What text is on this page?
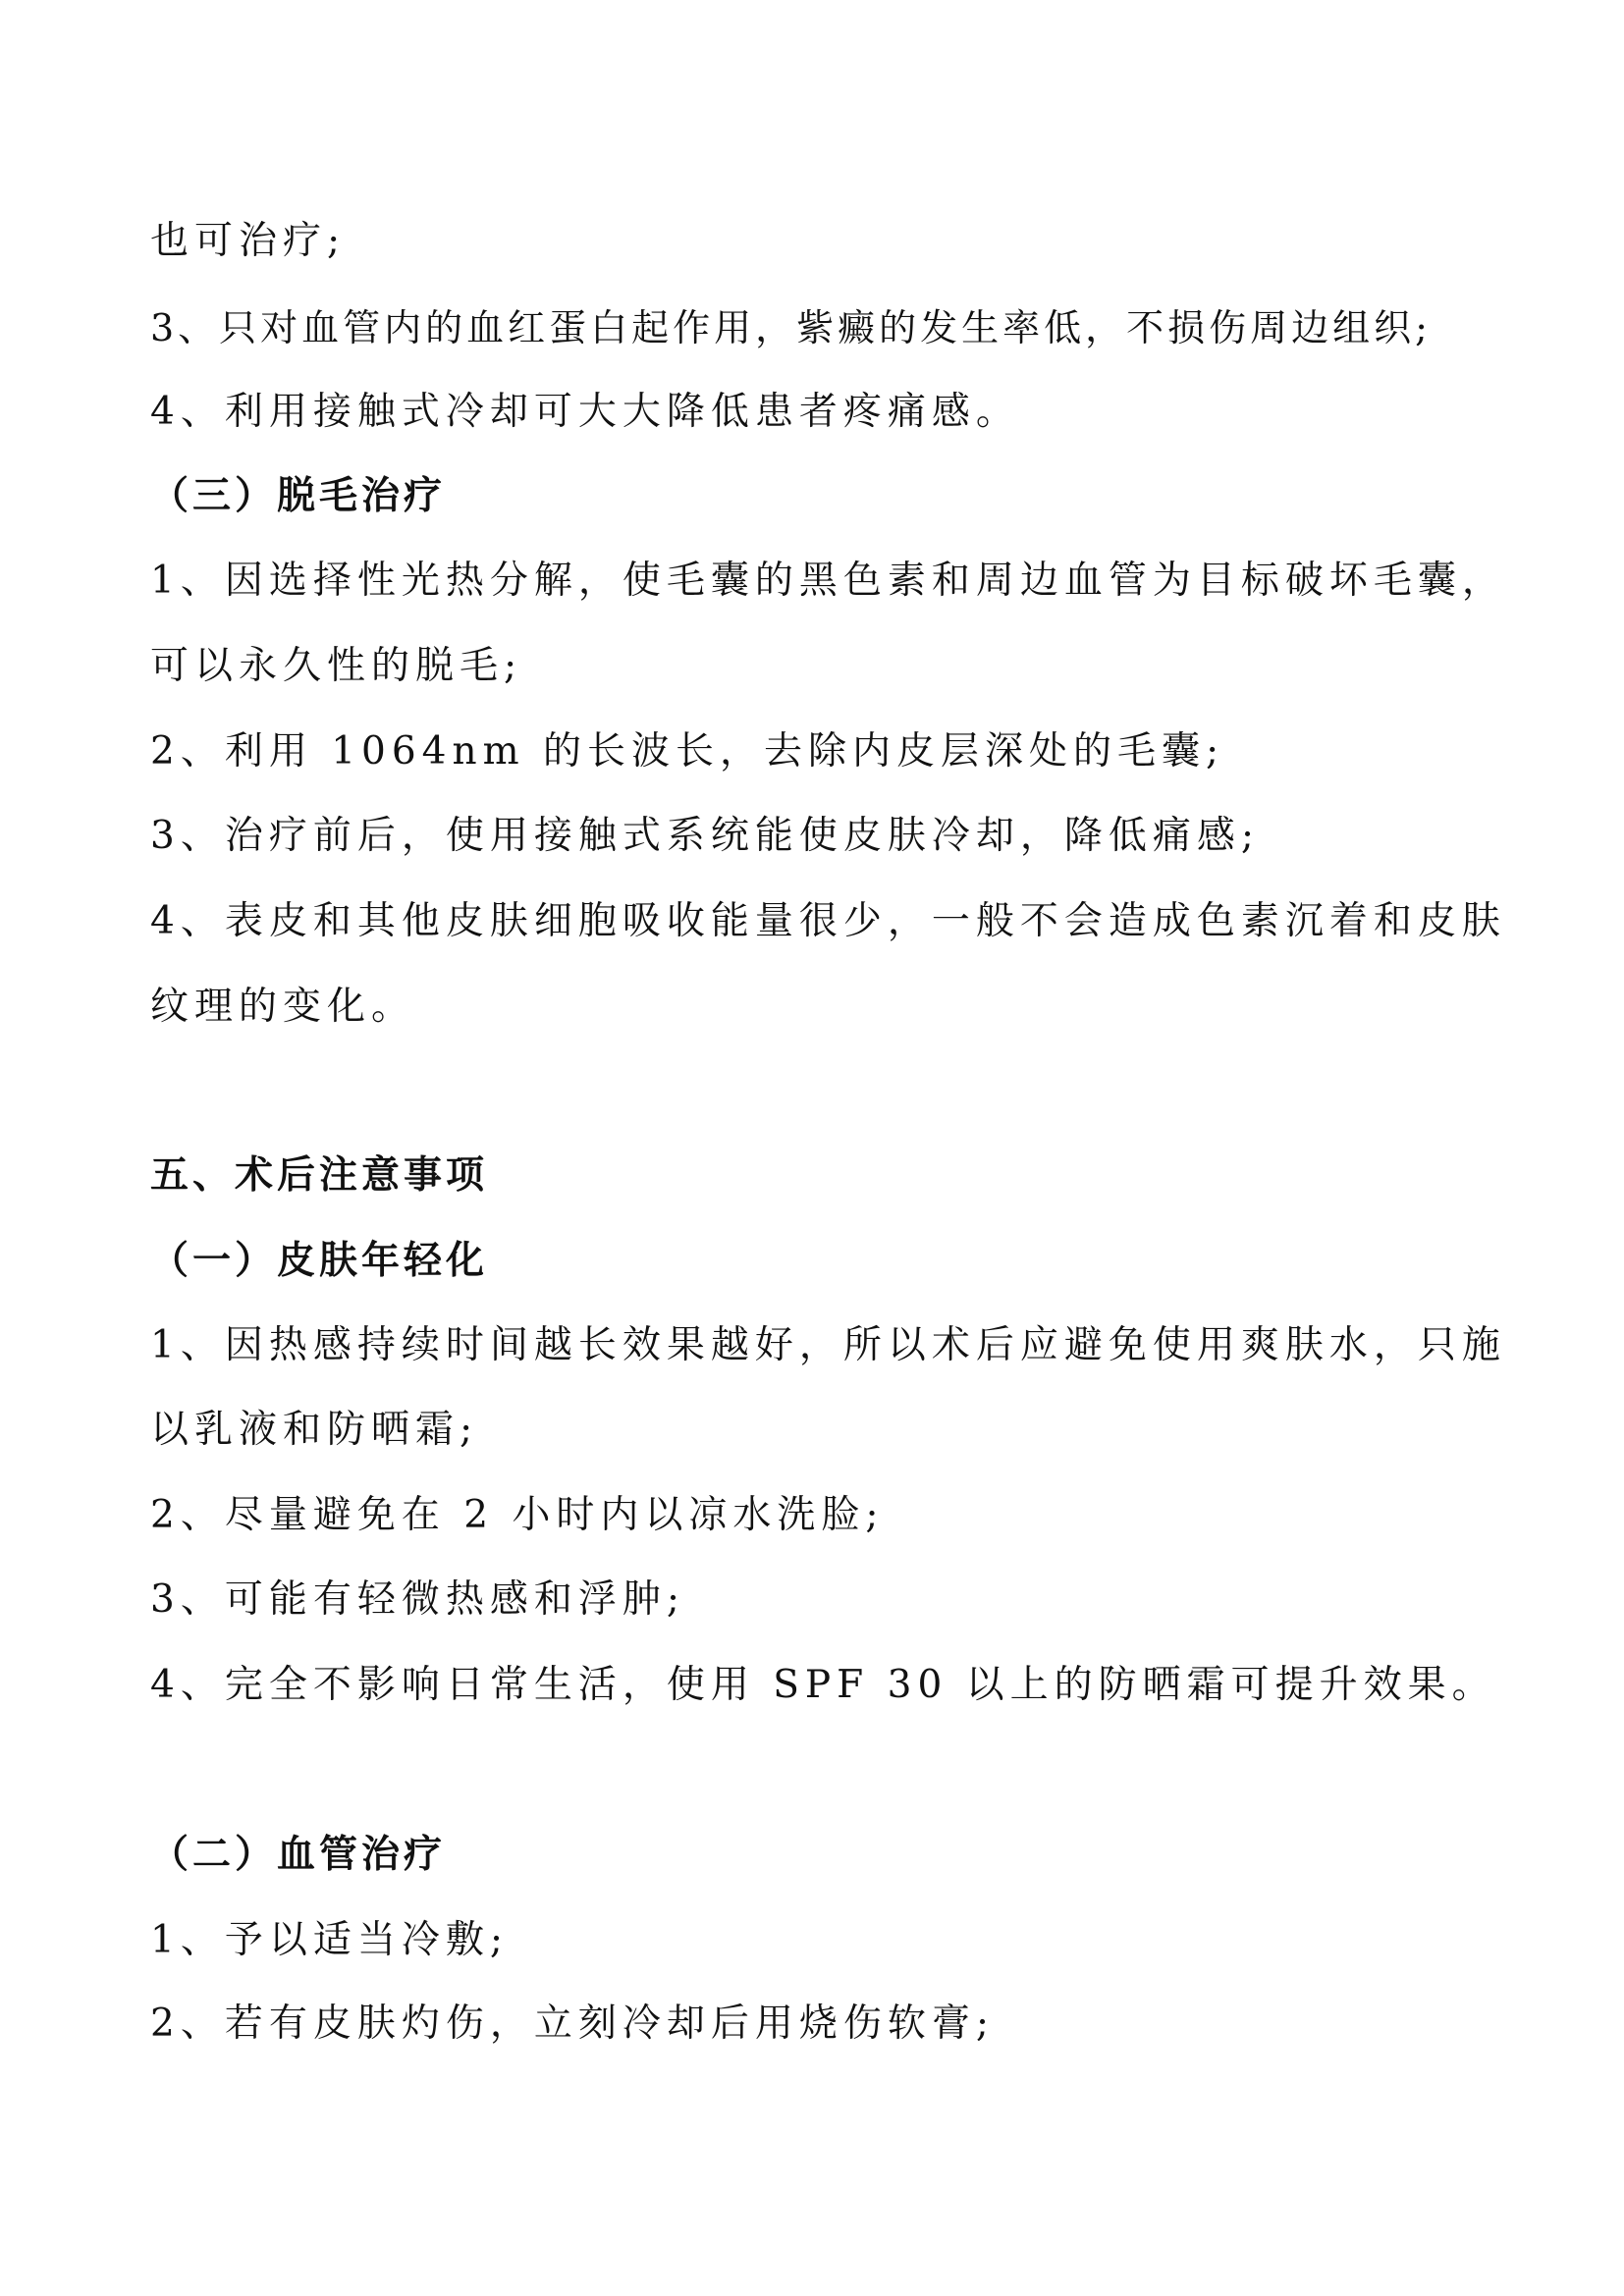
也可治疗;
3、只对血管内的血红蛋白起作用，紫癜的发生率低，不损伤周边组织;
4、利用接触式冷却可大大降低患者疼痛感。
（三）脱毛治疗
1、因选择性光热分解，使毛囊的黑色素和周边血管为目标破坏毛囊，
可以永久性的脱毛;
2、利用 1064nm 的长波长，去除内皮层深处的毛囊;
3、治疗前后，使用接触式系统能使皮肤冷却，降低痛感;
4、表皮和其他皮肤细胞吸收能量很少，一般不会造成色素沉着和皮肤
纹理的变化。
五、术后注意事项
（一）皮肤年轻化
1、因热感持续时间越长效果越好，所以术后应避免使用爽肤水，只施
以乳液和防晒霜;
2、尽量避免在 2 小时内以凉水洗脸;
3、可能有轻微热感和浮肿;
4、完全不影响日常生活，使用 SPF 30 以上的防晒霜可提升效果。
（二）血管治疗
1、予以适当冷敷;
2、若有皮肤灼伤，立刻冷却后用烧伤软膏;
